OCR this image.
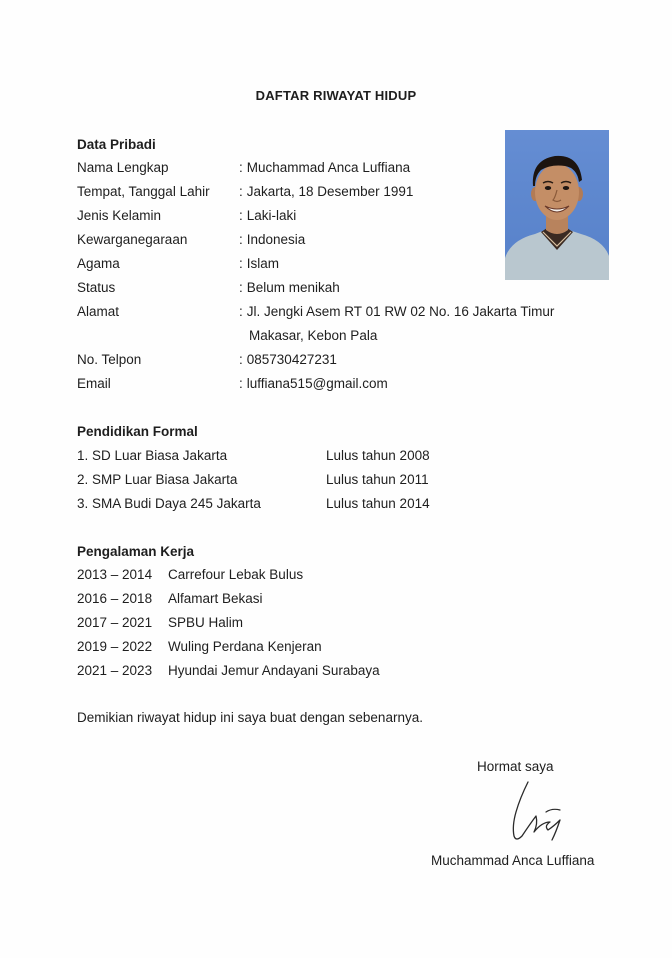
DAFTAR RIWAYAT HIDUP
Data Pribadi
Nama Lengkap	: Muchammad Anca Luffiana
Tempat, Tanggal Lahir : Jakarta, 18 Desember 1991
Jenis Kelamin	: Laki-laki
Kewarganegaraan	: Indonesia
Agama	: Islam
Status	: Belum menikah
Alamat	: Jl. Jengki Asem RT 01 RW 02 No. 16 Jakarta Timur
Makasar, Kebon Pala
No. Telpon	: 085730427231
Email	: luffiana515@gmail.com
Pendidikan Formal
1. SD Luar Biasa Jakarta	Lulus tahun 2008
2. SMP Luar Biasa Jakarta	Lulus tahun 2011
3. SMA Budi Daya 245 Jakarta	Lulus tahun 2014
Pengalaman Kerja
2013 – 2014 Carrefour Lebak Bulus
2016 – 2018 Alfamart Bekasi
2017 – 2021 SPBU Halim
2019 – 2022 Wuling Perdana Kenjeran
2021 – 2023 Hyundai Jemur Andayani Surabaya
Demikian riwayat hidup ini saya buat dengan sebenarnya.
Hormat saya
Muchammad Anca Luffiana
